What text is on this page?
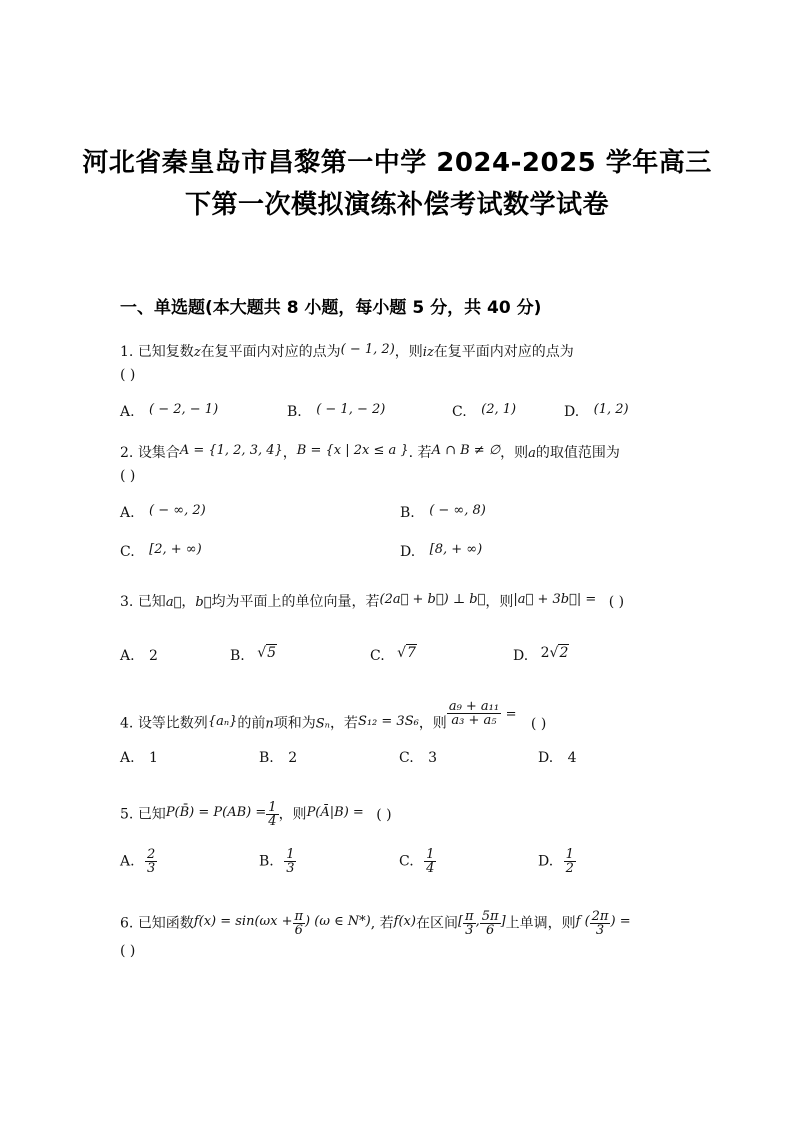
河北省秦皇岛市昌黎第一中学 2024-2025 学年高三
下第一次模拟演练补偿考试数学试卷
一、单选题(本大题共 8 小题，每小题 5 分，共 40 分)
1. 已知复数z在复平面内对应的点为( − 1, 2)，则iz在复平面内对应的点为
( )
A. ( − 2, − 1)	B. ( − 1, − 2)	C. (2, 1)	D. (1, 2)
2. 设集合A = {1, 2, 3, 4}，B = {x | 2x ≤ a }. 若A ∩ B ≠ ∅，则a的取值范围为
( )
A. ( − ∞, 2)	B. ( − ∞, 8)
C. [2, + ∞)	D. [8, + ∞)
3. 已知a⃗，b⃗均为平面上的单位向量，若(2a⃗ + b⃗) ⊥ b⃗，则|a⃗ + 3b⃗| = ( )
A. 2	B. √5	C. √7	D. 2√2
4. 设等比数列{aₙ}的前n项和为Sₙ，若S₁₂ = 3S₆，则 $\frac{\text{a₉ + a₁₁}}{\text{a₃ + a₅}}$ = ( )
A. 1	B. 2	C. 3	D. 4
5. 已知P(B̄) = $P(AB) = \frac{1}{4}$ ，则P(Ā|B) = ( )
A. $\frac{2}{3}$	B. $\frac{1}{3}$	C. $\frac{1}{4}$	D. $\frac{1}{2}$
6. 已知函数$f(x) = \sin(\omega x + \frac{\pi}{6}$ ) (ω ∈ N*), 若f(x)在区间[ $\frac{\pi}{3}$ , $\frac{5\pi}{6}$ ]上单调，则f ( $\frac{2\pi}{3}$ ) =
( )
